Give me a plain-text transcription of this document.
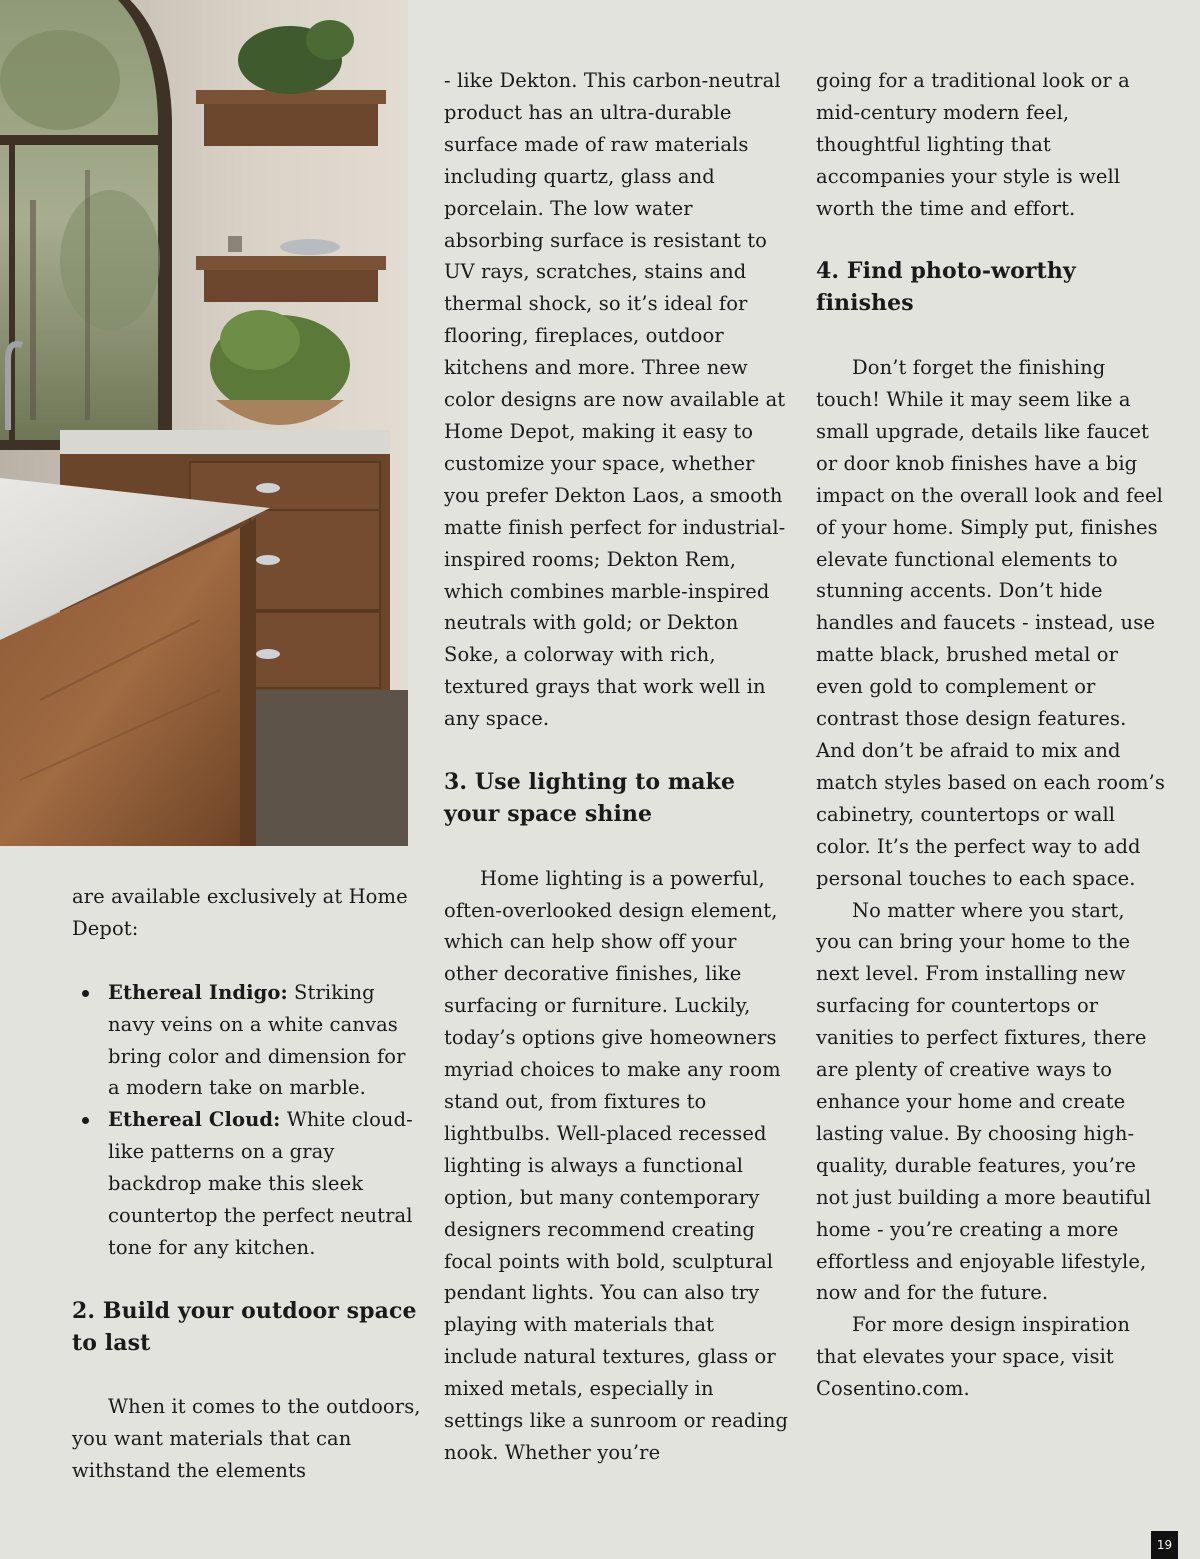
are available exclusively at Home Depot:

Ethereal Indigo: Striking navy veins on a white canvas bring color and dimension for a modern take on marble.
Ethereal Cloud: White cloud-like patterns on a gray backdrop make this sleek countertop the perfect neutral tone for any kitchen.
2. Build your outdoor space to last

When it comes to the outdoors, you want materials that can withstand the elements

- like Dekton. This carbon-neutral product has an ultra-durable surface made of raw materials including quartz, glass and porcelain. The low water absorbing surface is resistant to UV rays, scratches, stains and thermal shock, so it’s ideal for flooring, fireplaces, outdoor kitchens and more. Three new color designs are now available at Home Depot, making it easy to customize your space, whether you prefer Dekton Laos, a smooth matte finish perfect for industrial-inspired rooms; Dekton Rem, which combines marble-inspired neutrals with gold; or Dekton Soke, a colorway with rich, textured grays that work well in any space.

3. Use lighting to make your space shine

Home lighting is a powerful, often-overlooked design element, which can help show off your other decorative finishes, like surfacing or furniture. Luckily, today’s options give homeowners myriad choices to make any room stand out, from fixtures to lightbulbs. Well-placed recessed lighting is always a functional option, but many contemporary designers recommend creating focal points with bold, sculptural pendant lights. You can also try playing with materials that include natural textures, glass or mixed metals, especially in settings like a sunroom or reading nook. Whether you’re

going for a traditional look or a mid-century modern feel, thoughtful lighting that accompanies your style is well worth the time and effort.

4. Find photo-worthy finishes

Don’t forget the finishing touch! While it may seem like a small upgrade, details like faucet or door knob finishes have a big impact on the overall look and feel of your home. Simply put, finishes elevate functional elements to stunning accents. Don’t hide handles and faucets - instead, use matte black, brushed metal or even gold to complement or contrast those design features. And don’t be afraid to mix and match styles based on each room’s cabinetry, countertops or wall color. It’s the perfect way to add personal touches to each space.

No matter where you start, you can bring your home to the next level. From installing new surfacing for countertops or vanities to perfect fixtures, there are plenty of creative ways to enhance your home and create lasting value. By choosing high-quality, durable features, you’re not just building a more beautiful home - you’re creating a more effortless and enjoyable lifestyle, now and for the future.

For more design inspiration that elevates your space, visit Cosentino.com.

19
